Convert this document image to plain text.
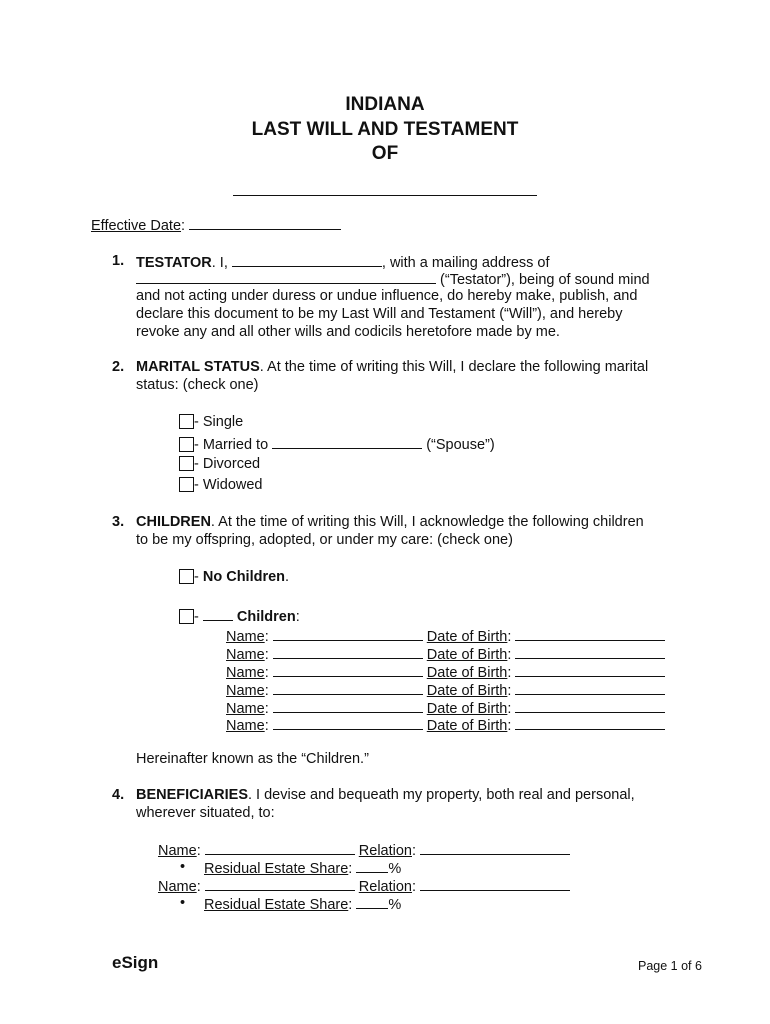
INDIANA
LAST WILL AND TESTAMENT
OF
Effective Date:
1. TESTATOR. I,	, with a mailing address of
(“Testator”), being of sound mind
and not acting under duress or undue influence, do hereby make, publish, and
declare this document to be my Last Will and Testament (“Will”), and hereby
revoke any and all other wills and codicils heretofore made by me.
2. MARITAL STATUS. At the time of writing this Will, I declare the following marital
status: (check one)
- Single
- Married to	(“Spouse”)
- Divorced
- Widowed
3. CHILDREN. At the time of writing this Will, I acknowledge the following children
to be my offspring, adopted, or under my care: (check one)
- No Children.
-	Children:
Name:	Date of Birth:
Name:	Date of Birth:
Name:	Date of Birth:
Name:	Date of Birth:
Name:	Date of Birth:
Name:	Date of Birth:
Hereinafter known as the “Children.”
4. BENEFICIARIES. I devise and bequeath my property, both real and personal,
wherever situated, to:
Name:	Relation:
• Residual Estate Share: %
Name:	Relation:
• Residual Estate Share: %
eSign	Page 1 of 6
